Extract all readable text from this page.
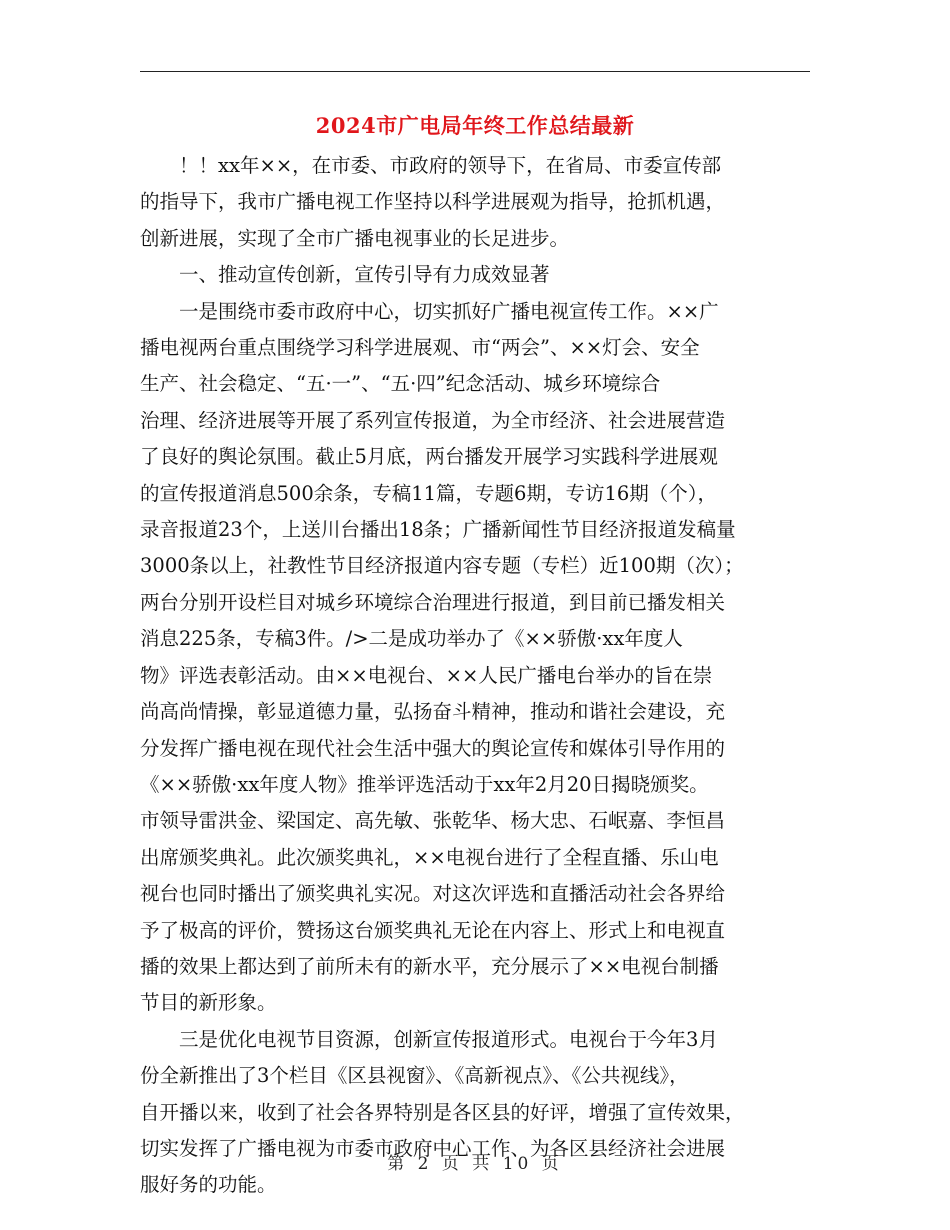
2024市广电局年终工作总结最新

！！xx年××，在市委、市政府的领导下，在省局、市委宣传部
的指导下，我市广播电视工作坚持以科学进展观为指导，抢抓机遇，
创新进展，实现了全市广播电视事业的长足进步。

一、推动宣传创新，宣传引导有力成效显著

一是围绕市委市政府中心，切实抓好广播电视宣传工作。××广
播电视两台重点围绕学习科学进展观、市“两会”、××灯会、安全
生产、社会稳定、“五·一”、“五·四”纪念活动、城乡环境综合
治理、经济进展等开展了系列宣传报道，为全市经济、社会进展营造
了良好的舆论氛围。截止5月底，两台播发开展学习实践科学进展观
的宣传报道消息500余条，专稿11篇，专题6期，专访16期（个），
录音报道23个，上送川台播出18条；广播新闻性节目经济报道发稿量
3000条以上，社教性节目经济报道内容专题（专栏）近100期（次）；
两台分别开设栏目对城乡环境综合治理进行报道，到目前已播发相关
消息225条，专稿3件。/>二是成功举办了《××骄傲·xx年度人
物》评选表彰活动。由××电视台、××人民广播电台举办的旨在崇
尚高尚情操，彰显道德力量，弘扬奋斗精神，推动和谐社会建设，充
分发挥广播电视在现代社会生活中强大的舆论宣传和媒体引导作用的
《××骄傲·xx年度人物》推举评选活动于xx年2月20日揭晓颁奖。
市领导雷洪金、梁国定、高先敏、张乾华、杨大忠、石岷嘉、李恒昌
出席颁奖典礼。此次颁奖典礼，××电视台进行了全程直播、乐山电
视台也同时播出了颁奖典礼实况。对这次评选和直播活动社会各界给
予了极高的评价，赞扬这台颁奖典礼无论在内容上、形式上和电视直
播的效果上都达到了前所未有的新水平，充分展示了××电视台制播
节目的新形象。

三是优化电视节目资源，创新宣传报道形式。电视台于今年3月
份全新推出了3个栏目《区县视窗》、《高新视点》、《公共视线》，
自开播以来，收到了社会各界特别是各区县的好评，增强了宣传效果，
切实发挥了广播电视为市委市政府中心工作、为各区县经济社会进展
服好务的功能。

第 2 页 共 10 页
